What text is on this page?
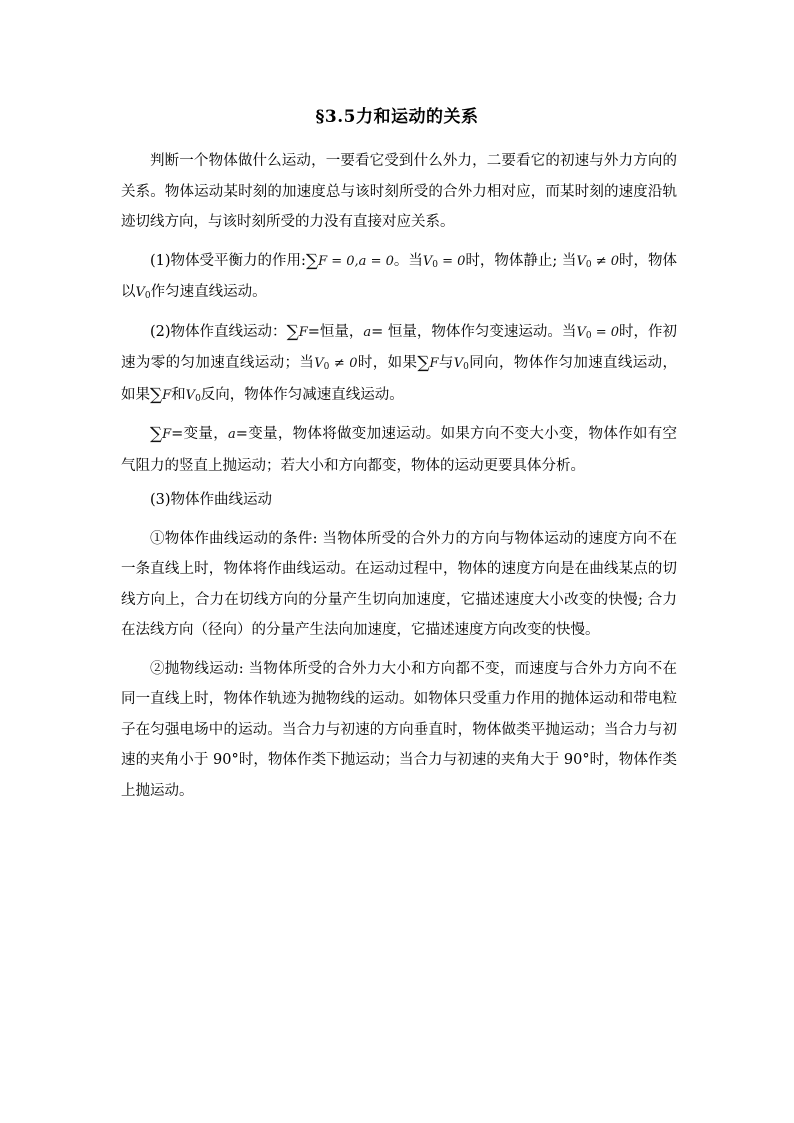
§3.5力和运动的关系

判断一个物体做什么运动，一要看它受到什么外力，二要看它的初速与外力方向的关系。物体运动某时刻的加速度总与该时刻所受的合外力相对应，而某时刻的速度沿轨迹切线方向，与该时刻所受的力没有直接对应关系。

(1)物体受平衡力的作用:∑F = 0,a = 0。当$V_0 = 0$时，物体静止; 当$V_0 \ne 0$时，物体以$V_0$作匀速直线运动。

(2)物体作直线运动：∑F=恒量，a= 恒量，物体作匀变速运动。当$V_0 = 0$时，作初速为零的匀加速直线运动；当$V_0 \ne 0$时，如果∑F与$V_0$同向，物体作匀加速直线运动，如果∑F和$V_0$反向，物体作匀减速直线运动。

∑F=变量，a=变量，物体将做变加速运动。如果方向不变大小变，物体作如有空气阻力的竖直上抛运动；若大小和方向都变，物体的运动更要具体分析。

(3)物体作曲线运动

①物体作曲线运动的条件: 当物体所受的合外力的方向与物体运动的速度方向不在一条直线上时，物体将作曲线运动。在运动过程中，物体的速度方向是在曲线某点的切线方向上，合力在切线方向的分量产生切向加速度，它描述速度大小改变的快慢; 合力在法线方向（径向）的分量产生法向加速度，它描述速度方向改变的快慢。

②抛物线运动: 当物体所受的合外力大小和方向都不变，而速度与合外力方向不在同一直线上时，物体作轨迹为抛物线的运动。如物体只受重力作用的抛体运动和带电粒子在匀强电场中的运动。当合力与初速的方向垂直时，物体做类平抛运动；当合力与初速的夹角小于 90°时，物体作类下抛运动；当合力与初速的夹角大于 90°时，物体作类上抛运动。
